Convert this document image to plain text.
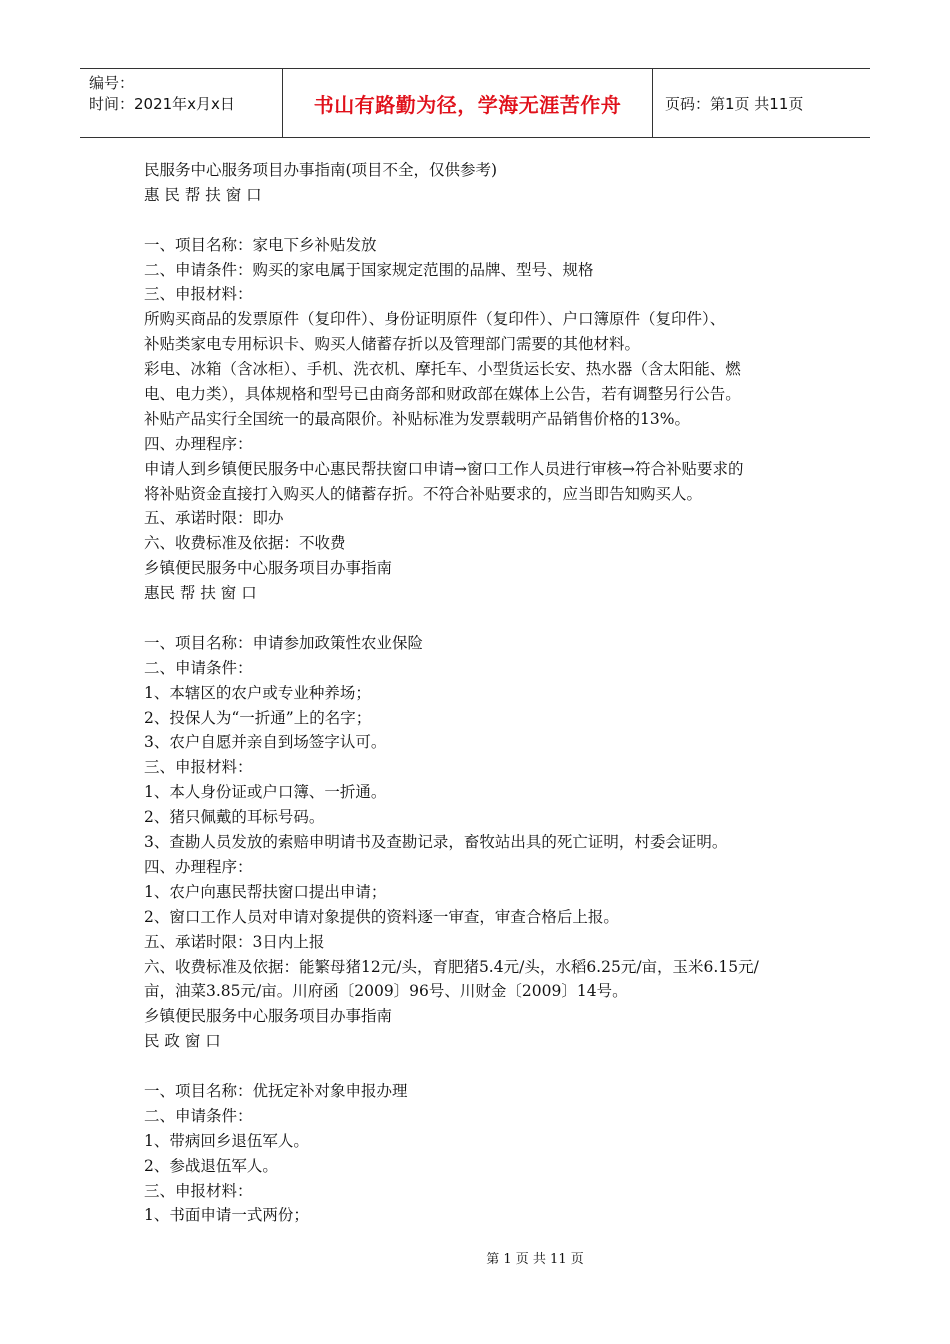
编号：
时间：2021年x月x日	书山有路勤为径，学海无涯苦作舟	页码：第1页 共11页
民服务中心服务项目办事指南(项目不全，仅供参考)
惠 民 帮 扶 窗 口
一、项目名称：家电下乡补贴发放
二、申请条件：购买的家电属于国家规定范围的品牌、型号、规格
三、申报材料：
所购买商品的发票原件（复印件）、身份证明原件（复印件）、户口簿原件（复印件）、
补贴类家电专用标识卡、购买人储蓄存折以及管理部门需要的其他材料。
彩电、冰箱（含冰柜）、手机、洗衣机、摩托车、小型货运长安、热水器（含太阳能、燃
电、电力类），具体规格和型号已由商务部和财政部在媒体上公告，若有调整另行公告。
补贴产品实行全国统一的最高限价。补贴标准为发票载明产品销售价格的13%。
四、办理程序：
申请人到乡镇便民服务中心惠民帮扶窗口申请→窗口工作人员进行审核→符合补贴要求的
将补贴资金直接打入购买人的储蓄存折。不符合补贴要求的，应当即告知购买人。
五、承诺时限：即办
六、收费标准及依据：不收费
乡镇便民服务中心服务项目办事指南
惠民 帮 扶 窗 口
一、项目名称：申请参加政策性农业保险
二、申请条件：
1、本辖区的农户或专业种养场；
2、投保人为“一折通”上的名字；
3、农户自愿并亲自到场签字认可。
三、申报材料：
1、本人身份证或户口簿、一折通。
2、猪只佩戴的耳标号码。
3、查勘人员发放的索赔申明请书及查勘记录，畜牧站出具的死亡证明，村委会证明。
四、办理程序：
1、农户向惠民帮扶窗口提出申请；
2、窗口工作人员对申请对象提供的资料逐一审查，审查合格后上报。
五、承诺时限：3日内上报
六、收费标准及依据：能繁母猪12元/头，育肥猪5.4元/头，水稻6.25元/亩，玉米6.15元/
亩，油菜3.85元/亩。川府函〔2009〕96号、川财金〔2009〕14号。
乡镇便民服务中心服务项目办事指南
民 政 窗 口
一、项目名称：优抚定补对象申报办理
二、申请条件：
1、带病回乡退伍军人。
2、参战退伍军人。
三、申报材料：
1、书面申请一式两份；
第 1 页 共 11 页
